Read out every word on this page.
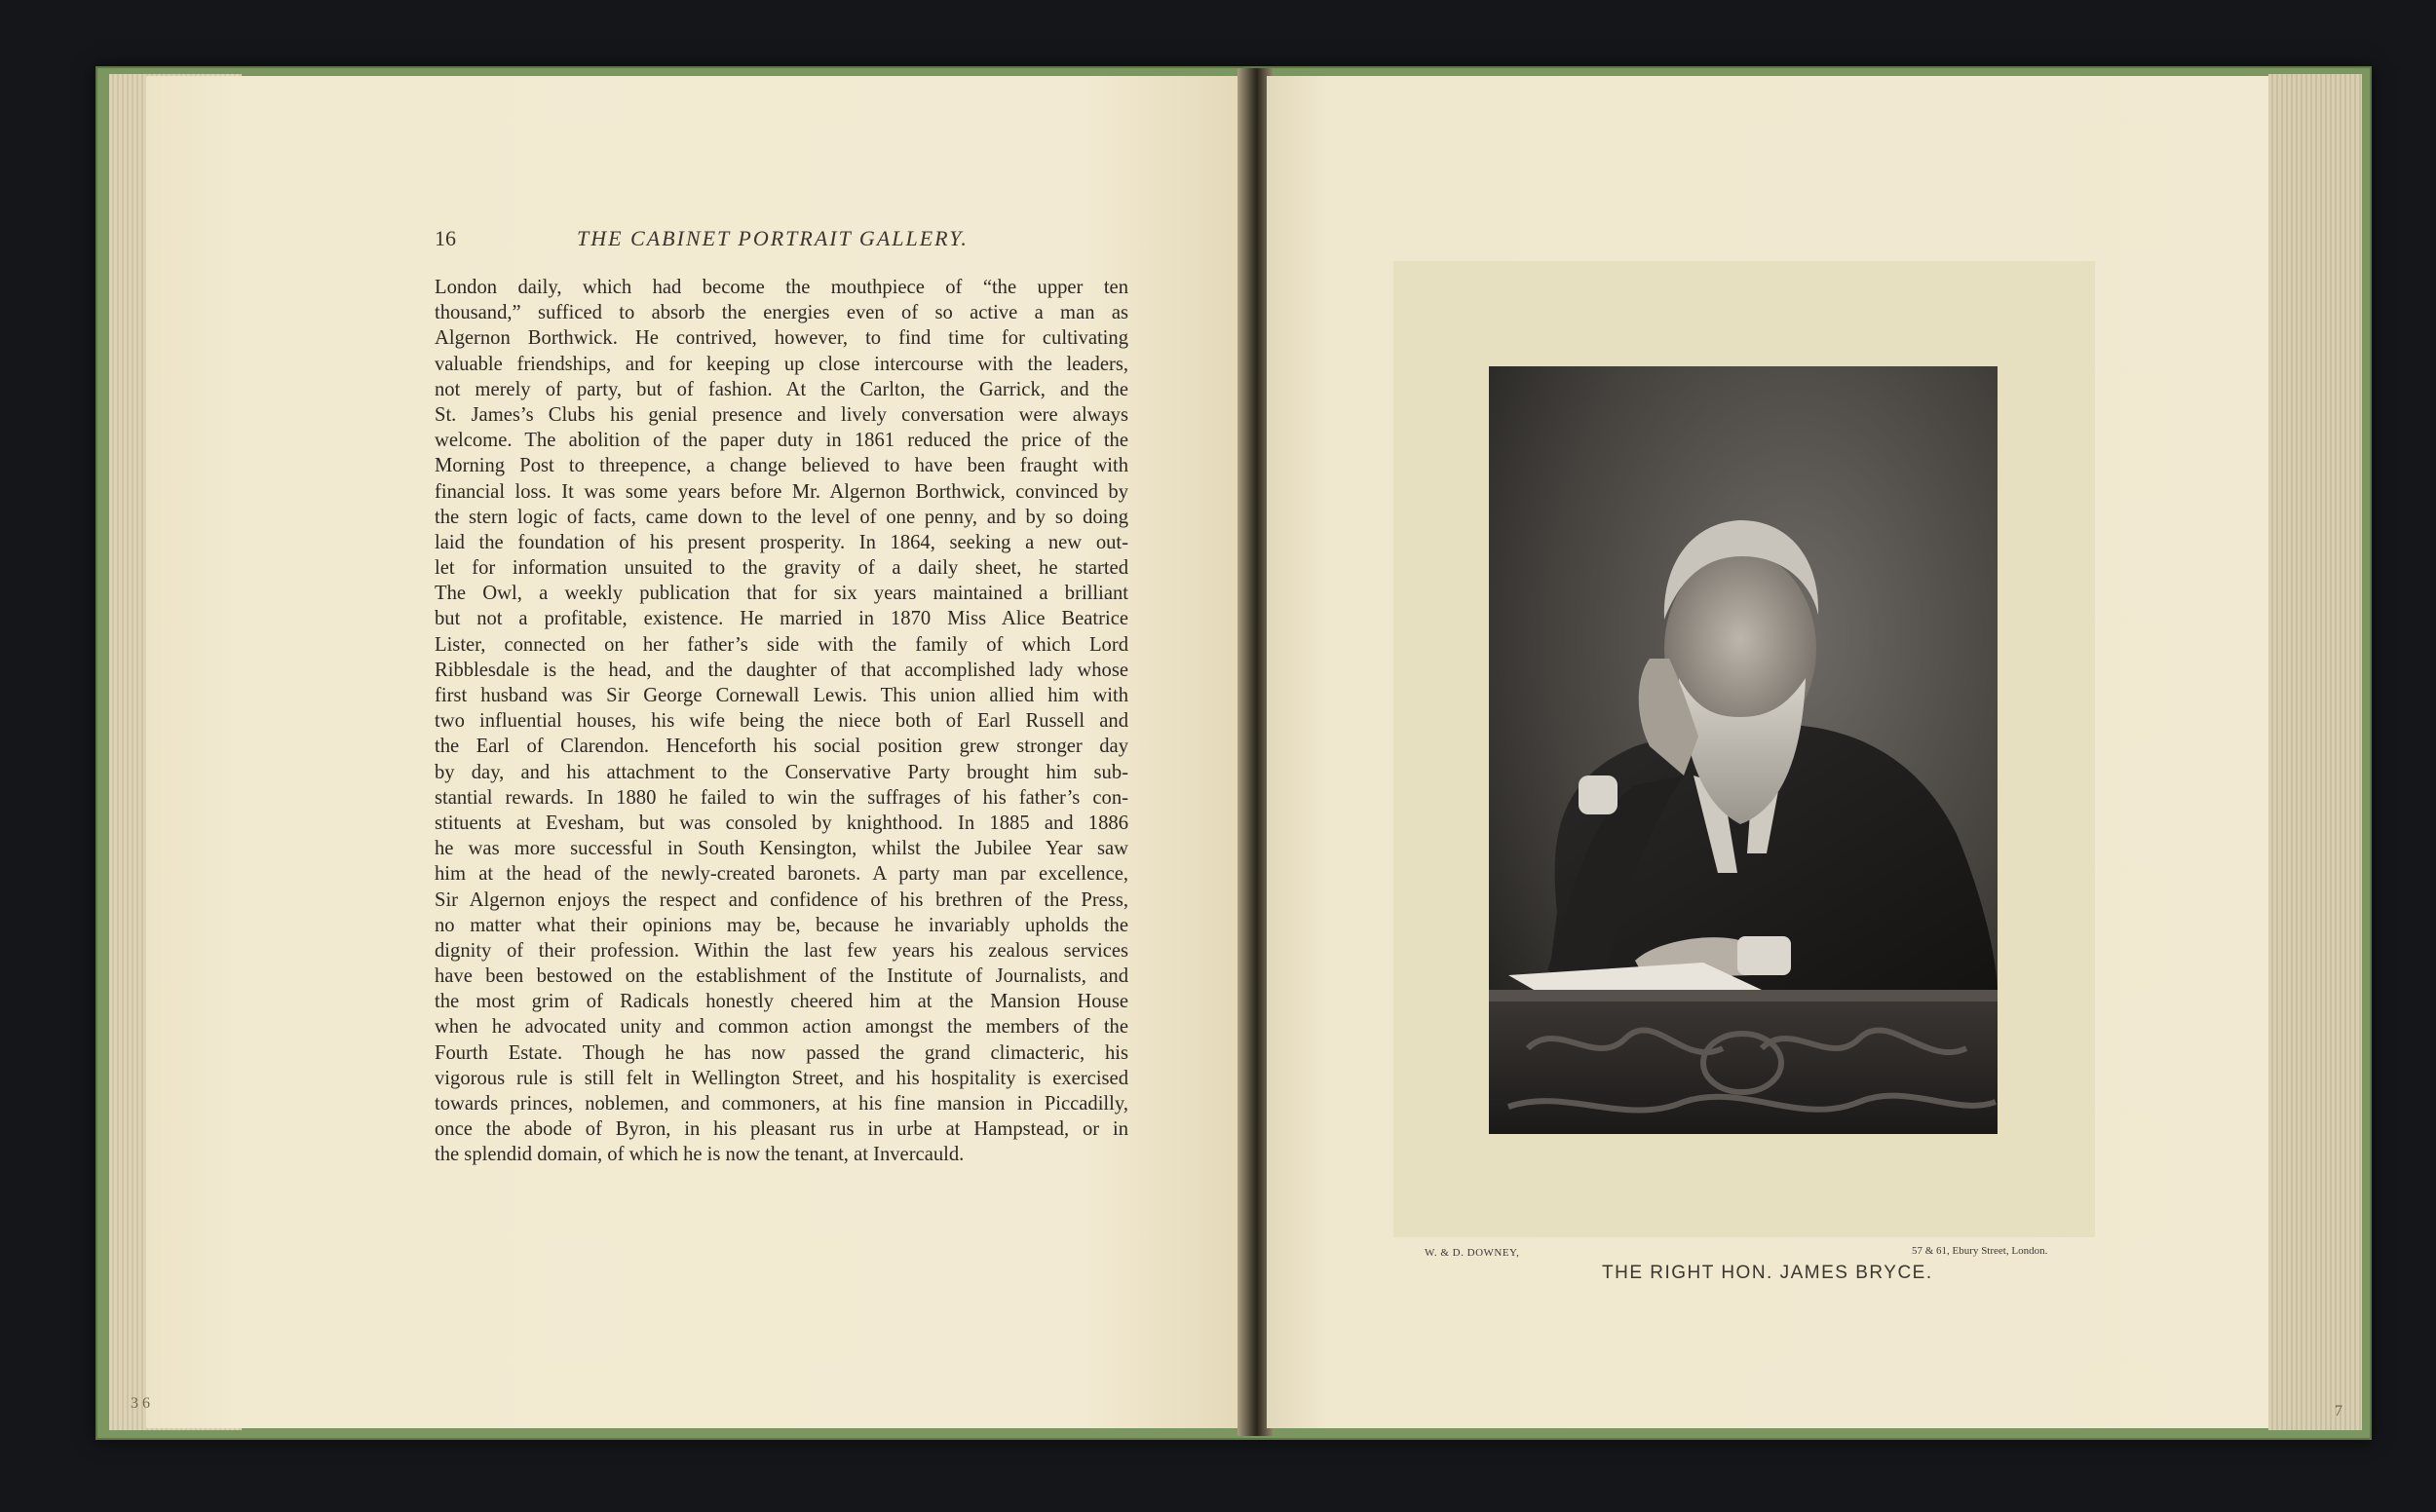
3 6	7
16	THE CABINET PORTRAIT GALLERY.
London daily, which had become the mouthpiece of “the upper ten
thousand,” sufficed to absorb the energies even of so active a man as
Algernon Borthwick. He contrived, however, to find time for cultivating
valuable friendships, and for keeping up close intercourse with the leaders,
not merely of party, but of fashion. At the Carlton, the Garrick, and the
St. James’s Clubs his genial presence and lively conversation were always
welcome. The abolition of the paper duty in 1861 reduced the price of the
Morning Post to threepence, a change believed to have been fraught with
financial loss. It was some years before Mr. Algernon Borthwick, convinced by
the stern logic of facts, came down to the level of one penny, and by so doing
laid the foundation of his present prosperity. In 1864, seeking a new out-
let for information unsuited to the gravity of a daily sheet, he started
The Owl, a weekly publication that for six years maintained a brilliant
but not a profitable, existence. He married in 1870 Miss Alice Beatrice
Lister, connected on her father’s side with the family of which Lord
Ribblesdale is the head, and the daughter of that accomplished lady whose
first husband was Sir George Cornewall Lewis. This union allied him with
two influential houses, his wife being the niece both of Earl Russell and
the Earl of Clarendon. Henceforth his social position grew stronger day
by day, and his attachment to the Conservative Party brought him sub-
stantial rewards. In 1880 he failed to win the suffrages of his father’s con-
stituents at Evesham, but was consoled by knighthood. In 1885 and 1886
he was more successful in South Kensington, whilst the Jubilee Year saw
him at the head of the newly-created baronets. A party man par excellence,
Sir Algernon enjoys the respect and confidence of his brethren of the Press,
no matter what their opinions may be, because he invariably upholds the
dignity of their profession. Within the last few years his zealous services
have been bestowed on the establishment of the Institute of Journalists, and
the most grim of Radicals honestly cheered him at the Mansion House
when he advocated unity and common action amongst the members of the
Fourth Estate. Though he has now passed the grand climacteric, his
vigorous rule is still felt in Wellington Street, and his hospitality is exercised
towards princes, noblemen, and commoners, at his fine mansion in Piccadilly,
once the abode of Byron, in his pleasant rus in urbe at Hampstead, or in
the splendid domain, of which he is now the tenant, at Invercauld.
W. & D. DOWNEY,	57 & 61, Ebury Street, London.
THE RIGHT HON. JAMES BRYCE.
